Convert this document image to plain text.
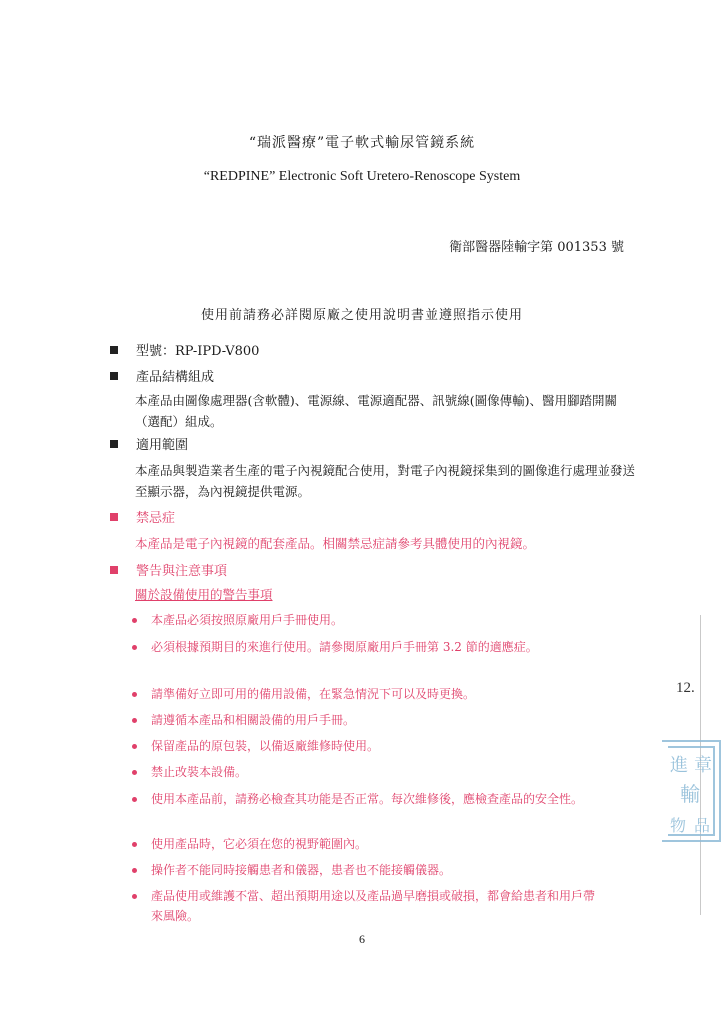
“瑞派醫療”電子軟式輸尿管鏡系統
“REDPINE” Electronic Soft Uretero-Renoscope System
衛部醫器陸輸字第 001353 號
使用前請務必詳閱原廠之使用說明書並遵照指示使用
型號：RP-IPD-V800
產品結構組成
本產品由圖像處理器(含軟體)、電源線、電源適配器、訊號線(圖像傳輸)、醫用腳踏開關（選配）組成。
適用範圍
本產品與製造業者生產的電子內視鏡配合使用，對電子內視鏡採集到的圖像進行處理並發送至顯示器，為內視鏡提供電源。
禁忌症
本產品是電子內視鏡的配套產品。相關禁忌症請參考具體使用的內視鏡。
警告與注意事項
關於設備使用的警告事項
本產品必須按照原廠用戶手冊使用。
必須根據預期目的來進行使用。請參閱原廠用戶手冊第 3.2 節的適應症。
請準備好立即可用的備用設備，在緊急情況下可以及時更換。
請遵循本產品和相關設備的用戶手冊。
保留產品的原包裝，以備返廠維修時使用。
禁止改裝本設備。
使用本產品前，請務必檢查其功能是否正常。每次維修後，應檢查產品的安全性。
使用產品時，它必須在您的視野範圍內。
操作者不能同時接觸患者和儀器，患者也不能接觸儀器。
產品使用或維護不當、超出預期用途以及產品過早磨損或破損，都會給患者和用戶帶來風險。
6
12.
進 章
輸
物 品
